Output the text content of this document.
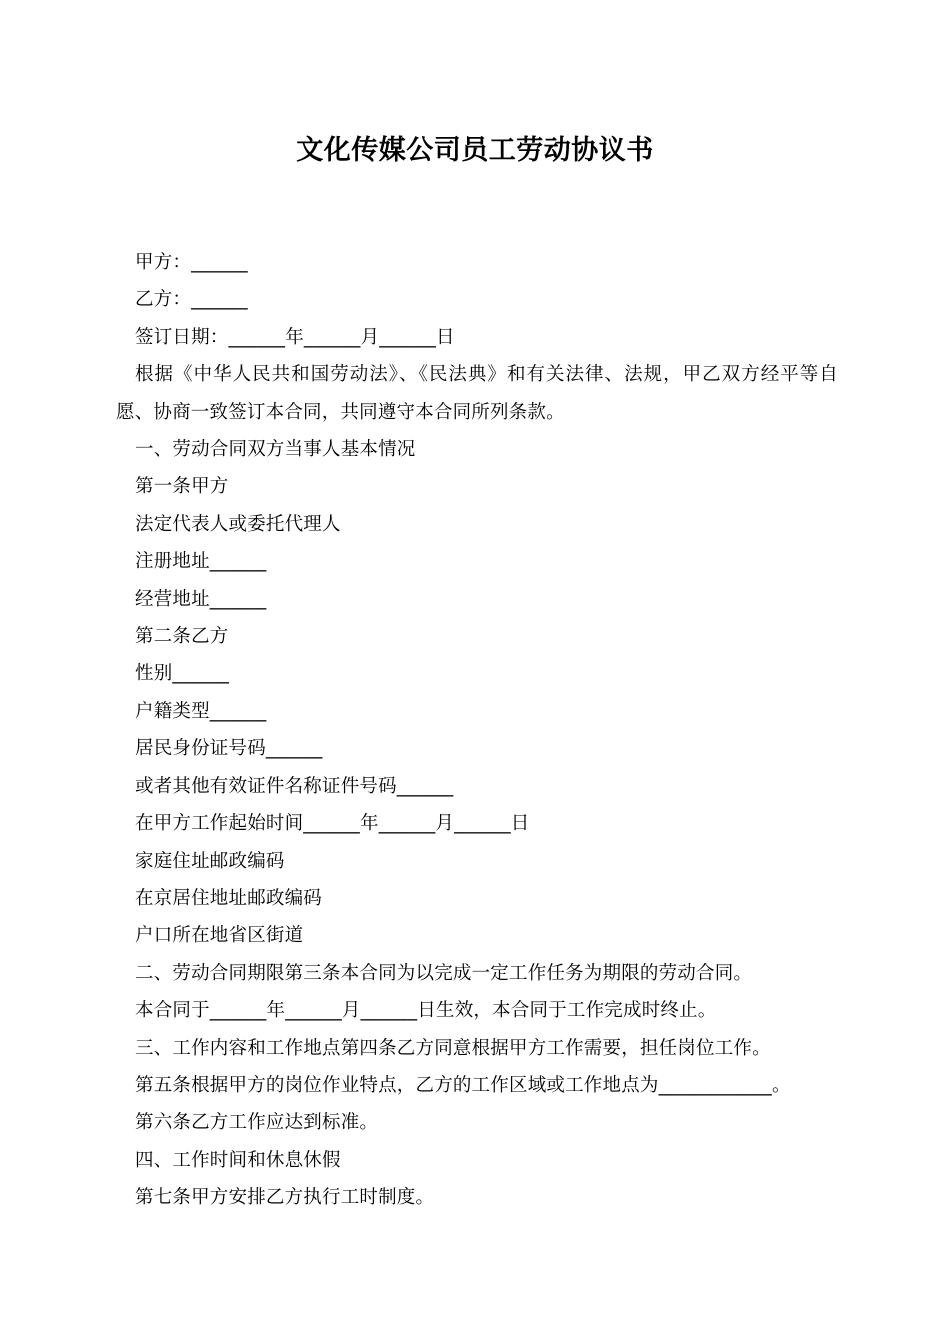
文化传媒公司员工劳动协议书

甲方：______

乙方：______

签订日期：______年______月______日

根据《中华人民共和国劳动法》、《民法典》和有关法律、法规，甲乙双方经平等自愿、协商一致签订本合同，共同遵守本合同所列条款。

一、劳动合同双方当事人基本情况

第一条甲方

法定代表人或委托代理人

注册地址______

经营地址______

第二条乙方

性别______

户籍类型______

居民身份证号码______

或者其他有效证件名称证件号码______

在甲方工作起始时间______年______月______日

家庭住址邮政编码

在京居住地址邮政编码

户口所在地省区街道

二、劳动合同期限第三条本合同为以完成一定工作任务为期限的劳动合同。

本合同于______年______月______日生效，本合同于工作完成时终止。

三、工作内容和工作地点第四条乙方同意根据甲方工作需要，担任岗位工作。

第五条根据甲方的岗位作业特点，乙方的工作区域或工作地点为____________。

第六条乙方工作应达到标准。

四、工作时间和休息休假

第七条甲方安排乙方执行工时制度。
